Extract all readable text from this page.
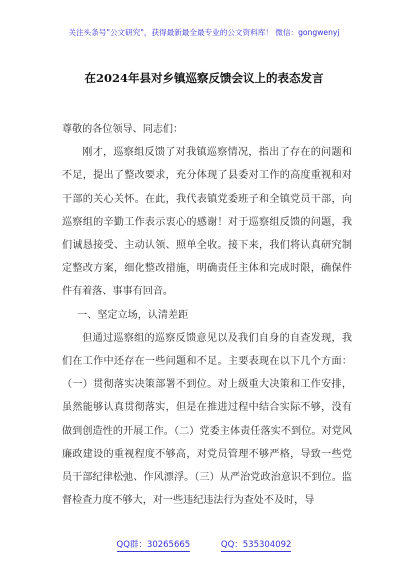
关注头条号"公文研究"，获得最新最全最专业的公文资料库！ 微信：gongwenyj
在2024年县对乡镇巡察反馈会议上的表态发言

尊敬的各位领导、同志们：

刚才，巡察组反馈了对我镇巡察情况，指出了存在的问题和不足，提出了整改要求，充分体现了县委对工作的高度重视和对干部的关心关怀。在此，我代表镇党委班子和全镇党员干部，向巡察组的辛勤工作表示衷心的感谢！对于巡察组反馈的问题，我们诚恳接受、主动认领、照单全收。接下来，我们将认真研究制定整改方案，细化整改措施，明确责任主体和完成时限，确保件件有着落、事事有回音。

一、坚定立场，认清差距

但通过巡察组的巡察反馈意见以及我们自身的自查发现，我们在工作中还存在一些问题和不足。主要表现在以下几个方面：（一）贯彻落实决策部署不到位。对上级重大决策和工作安排，虽然能够认真贯彻落实，但是在推进过程中结合实际不够，没有做到创造性的开展工作。（二）党委主体责任落实不到位。对党风廉政建设的重视程度不够高，对党员管理不够严格，导致一些党员干部纪律松弛、作风漂浮。（三）从严治党政治意识不到位。监督检查力度不够大，对一些违纪违法行为查处不及时，导

QQ群：30265665	QQ：535304092
